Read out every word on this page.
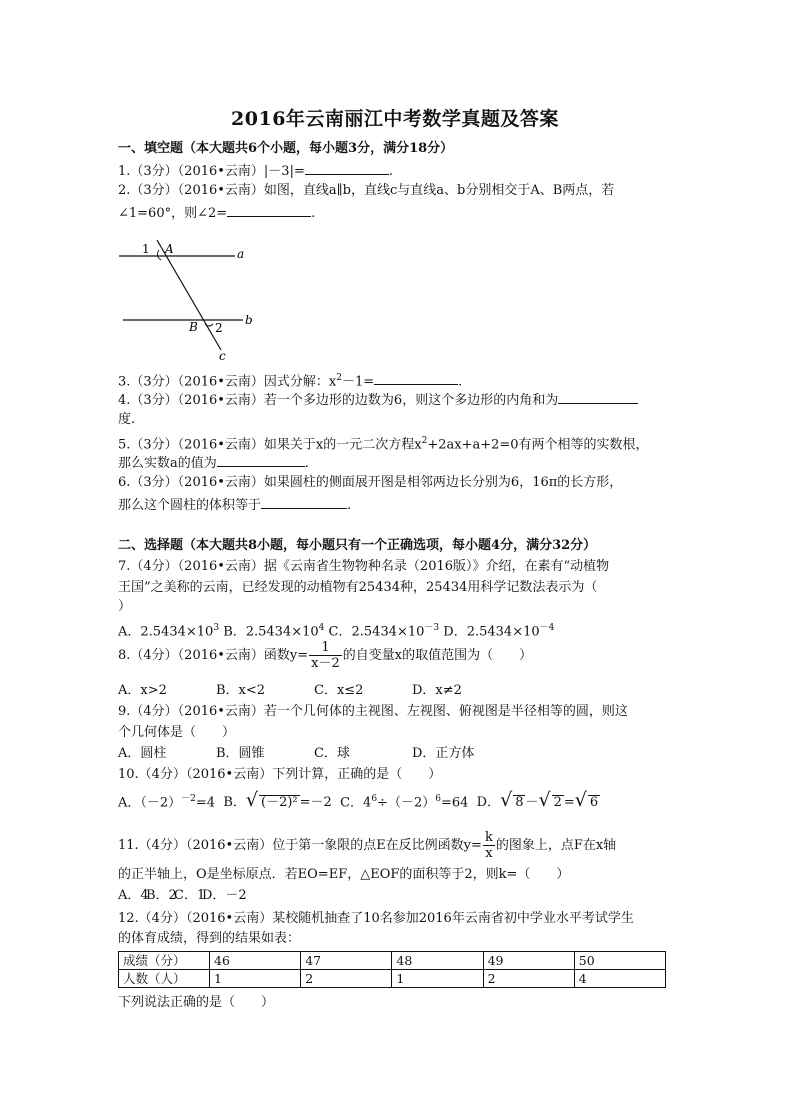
2016年云南丽江中考数学真题及答案
一、填空题（本大题共6个小题，每小题3分，满分18分）
1.（3分）（2016•云南）|－3|=	.
2.（3分）（2016•云南）如图，直线a∥b，直线c与直线a、b分别相交于A、B两点，若
∠1=60°，则∠2=	.
1 A	a
B 2
b
c
3.（3分）（2016•云南）因式分解：$x^2-1=$	.
4.（3分）（2016•云南）若一个多边形的边数为6，则这个多边形的内角和为
度.
5.（3分）（2016•云南）如果关于x的一元二次方程$x^2+2ax+a+2=0$有两个相等的实数根，
那么实数a的值为	.
6.（3分）（2016•云南）如果圆柱的侧面展开图是相邻两边长分别为6，16π的长方形，
那么这个圆柱的体积等于	.
二、选择题（本大题共8小题，每小题只有一个正确选项，每小题4分，满分32分）
7.（4分）（2016•云南）据《云南省生物物种名录（2016版）》介绍，在素有“动植物
王国”之美称的云南，已经发现的动植物有25434种，25434用科学记数法表示为（
）
A．$2.5434\times 10^3$ B．$2.5434\times 10^4$ C．$2.5434\times 10^{-3}$ D．$2.5434\times 10^{-4}$
8.（4分）（2016•云南）函数$y= \frac{1}{x-2}$ 的自变量x的取值范围为（　　）
A．x>2	B．x<2	C．x≤2	D．x≠2
9.（4分）（2016•云南）若一个几何体的主视图、左视图、俯视图是半径相等的圆，则这
个几何体是（　　）
A．圆柱	B．圆锥	C．球	D．正方体
10.（4分）（2016•云南）下列计算，正确的是（　　）
A．$(-2)^{-2}=4$ B．√ (－2)² =－2 C．$4^6\div(-2)^6=64$ D．√ 8 －√ 2 =√ 6
11.（4分）（2016•云南）位于第一象限的点E在反比例函数$y= \frac{k}{x}$ 的图象上，点F在x轴
的正半轴上，O是坐标原点．若EO=EF，△EOF的面积等于2，则k=（　　）
A．4B．2C．1D．－2
12.（4分）（2016•云南）某校随机抽查了10名参加2016年云南省初中学业水平考试学生
的体育成绩，得到的结果如表：
成绩（分）	46	47	48	49	50
人数（人）	1	2	1	2	4
下列说法正确的是（　　）
